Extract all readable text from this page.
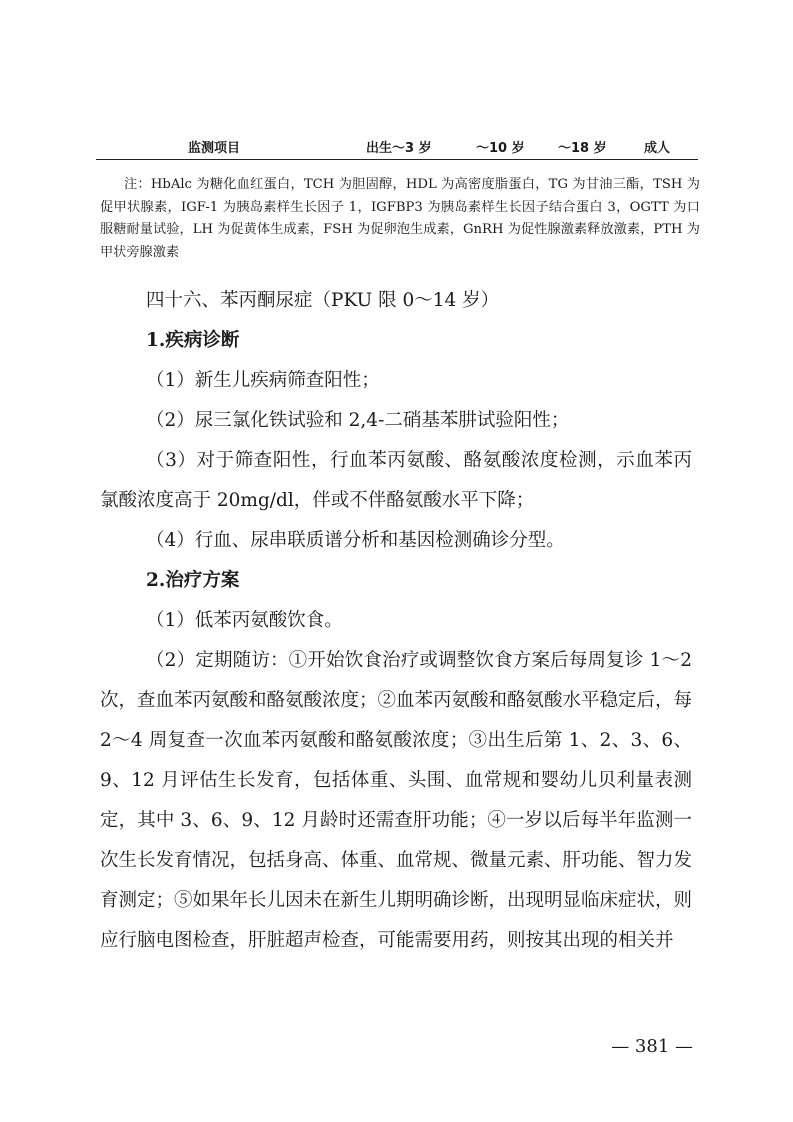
监测项目	出生～3 岁	～10 岁	～18 岁	成人
注：HbAlc 为糖化血红蛋白，TCH 为胆固醇，HDL 为高密度脂蛋白，TG 为甘油三酯，TSH 为促甲状腺素，IGF-1 为胰岛素样生长因子 1，IGFBP3 为胰岛素样生长因子结合蛋白 3，OGTT 为口服糖耐量试验，LH 为促黄体生成素，FSH 为促卵泡生成素，GnRH 为促性腺激素释放激素，PTH 为甲状旁腺激素
四十六、苯丙酮尿症（PKU 限 0～14 岁）
1.疾病诊断
（1）新生儿疾病筛查阳性；
（2）尿三氯化铁试验和 2,4-二硝基苯肼试验阳性；
（3）对于筛查阳性，行血苯丙氨酸、酪氨酸浓度检测，示血苯丙氯酸浓度高于 20mg/dl，伴或不伴酪氨酸水平下降；
（4）行血、尿串联质谱分析和基因检测确诊分型。
2.治疗方案
（1）低苯丙氨酸饮食。
（2）定期随访：①开始饮食治疗或调整饮食方案后每周复诊 1～2 次，查血苯丙氨酸和酪氨酸浓度；②血苯丙氨酸和酪氨酸水平稳定后，每 2～4 周复查一次血苯丙氨酸和酪氨酸浓度；③出生后第 1、2、3、6、9、12 月评估生长发育，包括体重、头围、血常规和婴幼儿贝利量表测定，其中 3、6、9、12 月龄时还需查肝功能；④一岁以后每半年监测一次生长发育情况，包括身高、体重、血常规、微量元素、肝功能、智力发育测定；⑤如果年长儿因未在新生儿期明确诊断，出现明显临床症状，则应行脑电图检查，肝脏超声检查，可能需要用药，则按其出现的相关并
— 381 —
